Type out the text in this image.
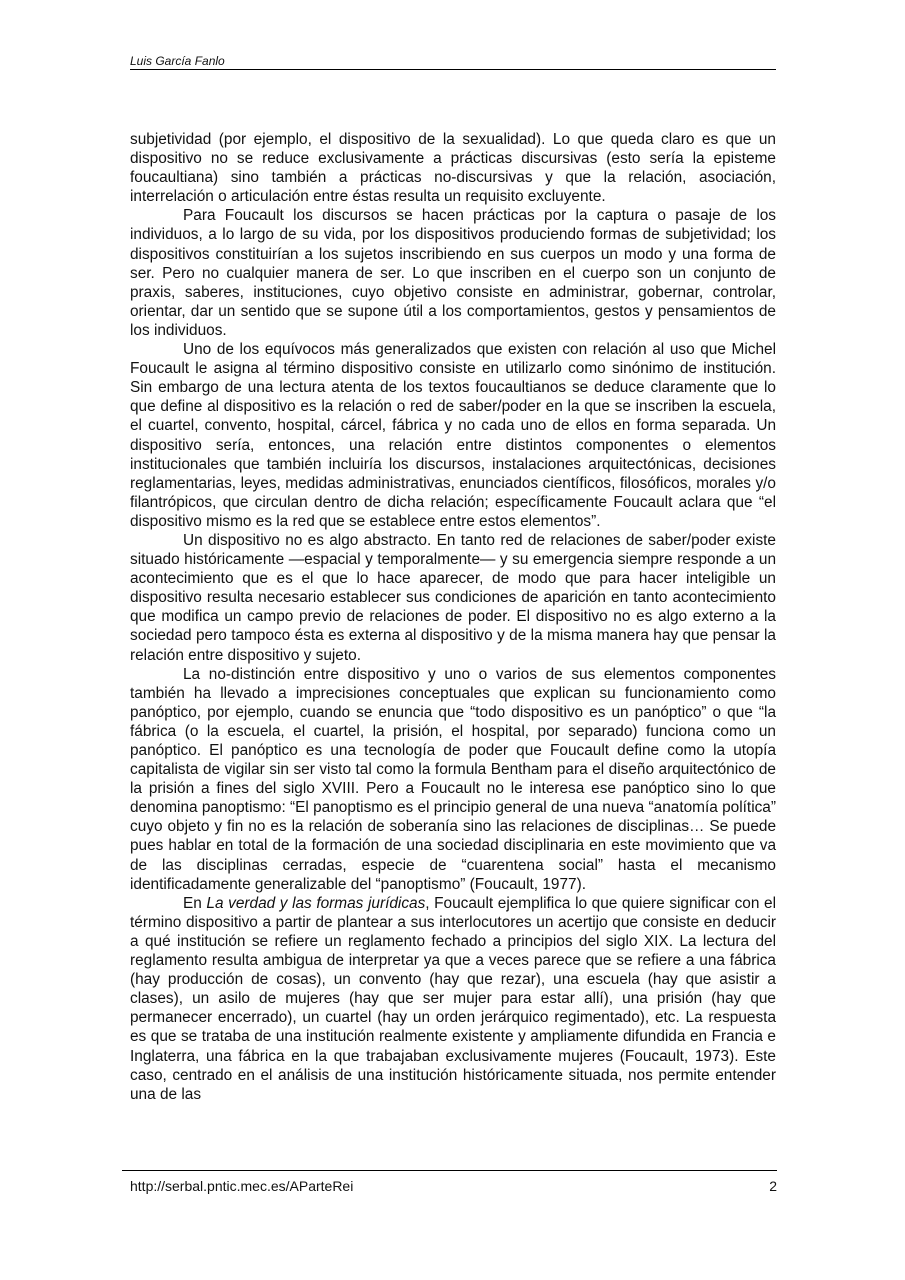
Luis García Fanlo

subjetividad (por ejemplo, el dispositivo de la sexualidad). Lo que queda claro es que un dispositivo no se reduce exclusivamente a prácticas discursivas (esto sería la episteme foucaultiana) sino también a prácticas no-discursivas y que la relación, asociación, interrelación o articulación entre éstas resulta un requisito excluyente.

Para Foucault los discursos se hacen prácticas por la captura o pasaje de los individuos, a lo largo de su vida, por los dispositivos produciendo formas de subjetividad; los dispositivos constituirían a los sujetos inscribiendo en sus cuerpos un modo y una forma de ser. Pero no cualquier manera de ser. Lo que inscriben en el cuerpo son un conjunto de praxis, saberes, instituciones, cuyo objetivo consiste en administrar, gobernar, controlar, orientar, dar un sentido que se supone útil a los comportamientos, gestos y pensamientos de los individuos.

Uno de los equívocos más generalizados que existen con relación al uso que Michel Foucault le asigna al término dispositivo consiste en utilizarlo como sinónimo de institución. Sin embargo de una lectura atenta de los textos foucaultianos se deduce claramente que lo que define al dispositivo es la relación o red de saber/poder en la que se inscriben la escuela, el cuartel, convento, hospital, cárcel, fábrica y no cada uno de ellos en forma separada. Un dispositivo sería, entonces, una relación entre distintos componentes o elementos institucionales que también incluiría los discursos, instalaciones arquitectónicas, decisiones reglamentarias, leyes, medidas administrativas, enunciados científicos, filosóficos, morales y/o filantrópicos, que circulan dentro de dicha relación; específicamente Foucault aclara que “el dispositivo mismo es la red que se establece entre estos elementos”.

Un dispositivo no es algo abstracto. En tanto red de relaciones de saber/poder existe situado históricamente —espacial y temporalmente— y su emergencia siempre responde a un acontecimiento que es el que lo hace aparecer, de modo que para hacer inteligible un dispositivo resulta necesario establecer sus condiciones de aparición en tanto acontecimiento que modifica un campo previo de relaciones de poder. El dispositivo no es algo externo a la sociedad pero tampoco ésta es externa al dispositivo y de la misma manera hay que pensar la relación entre dispositivo y sujeto.

La no-distinción entre dispositivo y uno o varios de sus elementos componentes también ha llevado a imprecisiones conceptuales que explican su funcionamiento como panóptico, por ejemplo, cuando se enuncia que “todo dispositivo es un panóptico” o que “la fábrica (o la escuela, el cuartel, la prisión, el hospital, por separado) funciona como un panóptico. El panóptico es una tecnología de poder que Foucault define como la utopía capitalista de vigilar sin ser visto tal como la formula Bentham para el diseño arquitectónico de la prisión a fines del siglo XVIII. Pero a Foucault no le interesa ese panóptico sino lo que denomina panoptismo: “El panoptismo es el principio general de una nueva “anatomía política” cuyo objeto y fin no es la relación de soberanía sino las relaciones de disciplinas… Se puede pues hablar en total de la formación de una sociedad disciplinaria en este movimiento que va de las disciplinas cerradas, especie de “cuarentena social” hasta el mecanismo identificadamente generalizable del “panoptismo” (Foucault, 1977).

En La verdad y las formas jurídicas, Foucault ejemplifica lo que quiere significar con el término dispositivo a partir de plantear a sus interlocutores un acertijo que consiste en deducir a qué institución se refiere un reglamento fechado a principios del siglo XIX. La lectura del reglamento resulta ambigua de interpretar ya que a veces parece que se refiere a una fábrica (hay producción de cosas), un convento (hay que rezar), una escuela (hay que asistir a clases), un asilo de mujeres (hay que ser mujer para estar allí), una prisión (hay que permanecer encerrado), un cuartel (hay un orden jerárquico regimentado), etc. La respuesta es que se trataba de una institución realmente existente y ampliamente difundida en Francia e Inglaterra, una fábrica en la que trabajaban exclusivamente mujeres (Foucault, 1973). Este caso, centrado en el análisis de una institución históricamente situada, nos permite entender una de las

http://serbal.pntic.mec.es/AParteRei	2
